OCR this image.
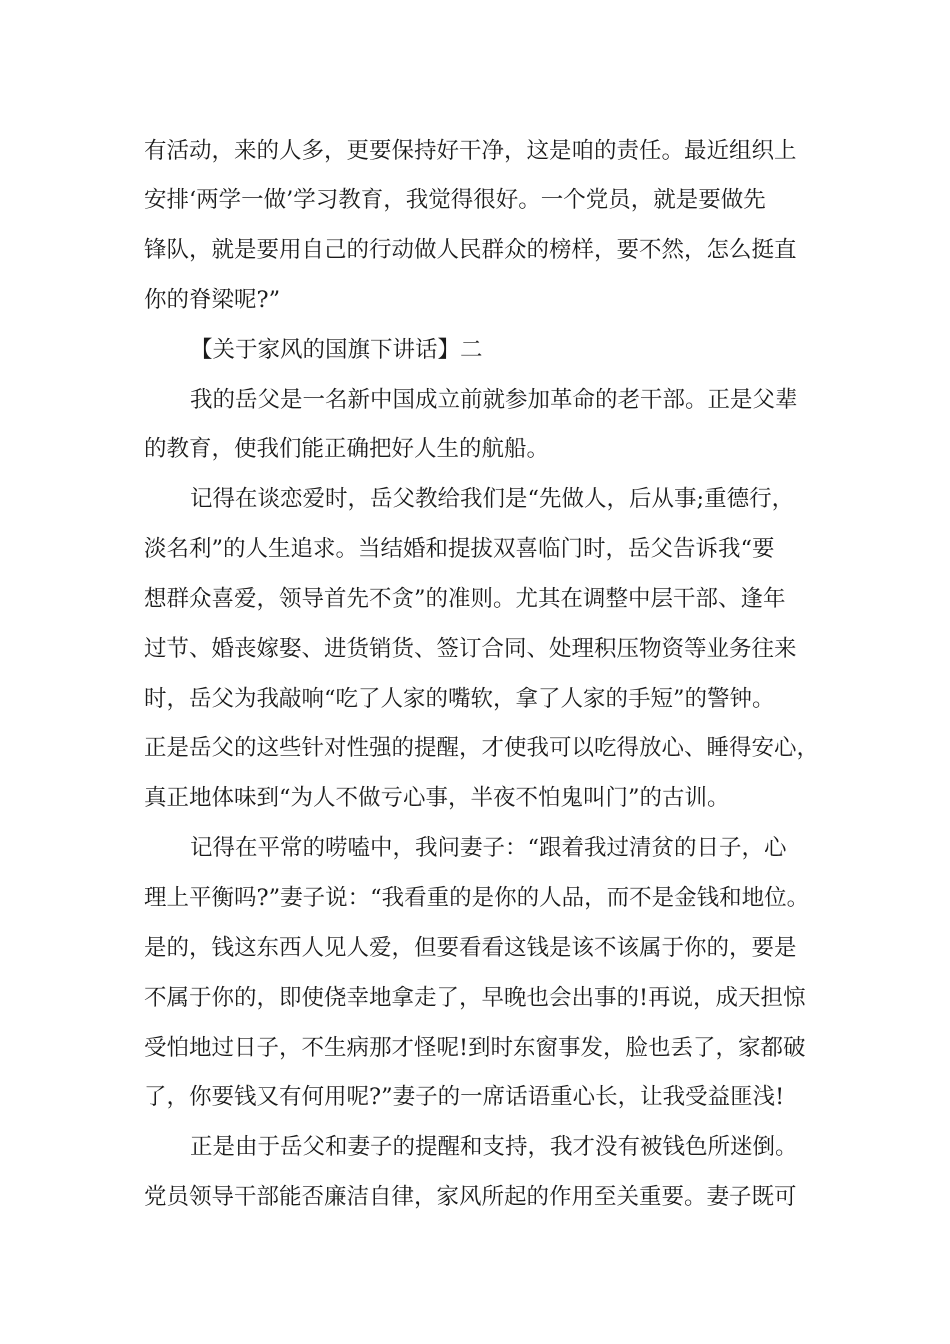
有活动，来的人多，更要保持好干净，这是咱的责任。最近组织上
安排‘两学一做’学习教育，我觉得很好。一个党员，就是要做先
锋队，就是要用自己的行动做人民群众的榜样，要不然，怎么挺直
你的脊梁呢?”
【关于家风的国旗下讲话】二
我的岳父是一名新中国成立前就参加革命的老干部。正是父辈
的教育，使我们能正确把好人生的航船。
记得在谈恋爱时，岳父教给我们是“先做人，后从事;重德行，
淡名利”的人生追求。当结婚和提拔双喜临门时，岳父告诉我“要
想群众喜爱，领导首先不贪”的准则。尤其在调整中层干部、逢年
过节、婚丧嫁娶、进货销货、签订合同、处理积压物资等业务往来
时，岳父为我敲响“吃了人家的嘴软，拿了人家的手短”的警钟。
正是岳父的这些针对性强的提醒，才使我可以吃得放心、睡得安心，
真正地体味到“为人不做亏心事，半夜不怕鬼叫门”的古训。
记得在平常的唠嗑中，我问妻子：“跟着我过清贫的日子，心
理上平衡吗?”妻子说：“我看重的是你的人品，而不是金钱和地位。
是的，钱这东西人见人爱，但要看看这钱是该不该属于你的，要是
不属于你的，即使侥幸地拿走了，早晚也会出事的!再说，成天担惊
受怕地过日子，不生病那才怪呢!到时东窗事发，脸也丢了，家都破
了，你要钱又有何用呢?”妻子的一席话语重心长，让我受益匪浅!
正是由于岳父和妻子的提醒和支持，我才没有被钱色所迷倒。
党员领导干部能否廉洁自律，家风所起的作用至关重要。妻子既可
